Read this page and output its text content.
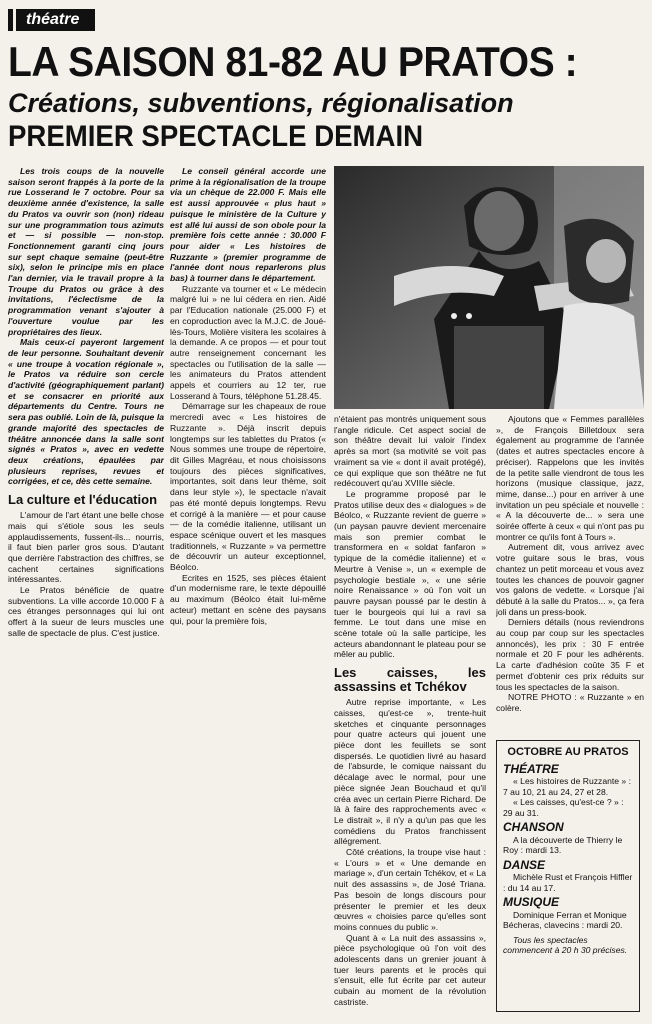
théatre
LA SAISON 81-82 AU PRATOS :
Créations, subventions, régionalisation
PREMIER SPECTACLE DEMAIN

Les trois coups de la nouvelle saison seront frappés à la porte de la rue Losserand le 7 octobre. Pour sa deuxième année d'existence, la salle du Pratos va ouvrir son (non) rideau sur une programmation tous azimuts et — si possible — non-stop. Fonctionnement garanti cinq jours sur sept chaque semaine (peut-être six), selon le principe mis en place l'an dernier, via le travail propre à la Troupe du Pratos ou grâce à des invitations, l'éclectisme de la programmation venant s'ajouter à l'ouverture voulue par les propriétaires des lieux.

Mais ceux-ci payeront largement de leur personne. Souhaitant devenir « une troupe à vocation régionale », le Pratos va réduire son cercle d'activité (géographiquement parlant) et se consacrer en priorité aux départements du Centre. Tours ne sera pas oublié. Loin de là, puisque la grande majorité des spectacles de théâtre annoncée dans la salle sont signés « Pratos », avec en vedette deux créations, épaulées par plusieurs reprises, revues et corrigées, et ce, dès cette semaine.

La culture et l'éducation

L'amour de l'art étant une belle chose mais qui s'étiole sous les seuls applaudissements, fussent-ils... nourris, il faut bien parler gros sous. D'autant que derrière l'abstraction des chiffres, se cachent certaines significations intéressantes.

Le Pratos bénéficie de quatre subventions. La ville accorde 10.000 F à ces étranges personnages qui lui ont offert à la sueur de leurs muscles une salle de spectacle de plus. C'est justice.

Le conseil général accorde une prime à la régionalisation de la troupe via un chèque de 22.000 F. Mais elle est aussi approuvée « plus haut » puisque le ministère de la Culture y est allé lui aussi de son obole pour la première fois cette année : 30.000 F pour aider « Les histoires de Ruzzante » (premier programme de l'année dont nous reparlerons plus bas) à tourner dans le département.

Ruzzante va tourner et « Le médecin malgré lui » ne lui cédera en rien. Aidé par l'Education nationale (25.000 F) et en coproduction avec la M.J.C. de Joué-lès-Tours, Molière visitera les scolaires à la demande. A ce propos — et pour tout autre renseignement concernant les spectacles ou l'utilisation de la salle — les animateurs du Pratos attendent appels et courriers au 12 ter, rue Losserand à Tours, téléphone 51.28.45.

Démarrage sur les chapeaux de roue mercredi avec « Les histoires de Ruzzante ». Déjà inscrit depuis longtemps sur les tablettes du Pratos (« Nous sommes une troupe de répertoire, dit Gilles Magréau, et nous choisissons toujours des pièces significatives, importantes, soit dans leur thème, soit dans leur style »), le spectacle n'avait pas été monté depuis longtemps. Revu et corrigé à la manière — et pour cause — de la comédie italienne, utilisant un espace scénique ouvert et les masques traditionnels, « Ruzzante » va permettre de découvrir un auteur exceptionnel, Béolco.

Ecrites en 1525, ses pièces étaient d'un modernisme rare, le texte dépouillé au maximum (Béolco était lui-même acteur) mettant en scène des paysans qui, pour la première fois,

n'étaient pas montrés uniquement sous l'angle ridicule. Cet aspect social de son théâtre devait lui valoir l'index après sa mort (sa motivité se voit pas vraiment sa vie « dont il avait protégé), ce qui explique que son théâtre ne fut redécouvert qu'au XVIIIe siècle.

Le programme proposé par le Pratos utilise deux des « dialogues » de Béolco, « Ruzzante revient de guerre » (un paysan pauvre devient mercenaire mais son premier combat le transformera en « soldat fanfaron » typique de la comédie italienne) et « Meurtre à Venise », un « exemple de psychologie bestiale », « une série noire Renaissance » où l'on voit un pauvre paysan poussé par le destin à tuer le bourgeois qui lui a ravi sa femme. Le tout dans une mise en scène totale où la salle participe, les acteurs abandonnant le plateau pour se mêler au public.

Les caisses, les assassins et Tchékov

Autre reprise importante, « Les caisses, qu'est-ce », trente-huit sketches et cinquante personnages pour quatre acteurs qui jouent une pièce dont les feuillets se sont dispersés. Le quotidien livré au hasard de l'absurde, le comique naissant du décalage avec le normal, pour une pièce signée Jean Bouchaud et qu'il créa avec un certain Pierre Richard. De là à faire des rapprochements avec « Le distrait », il n'y a qu'un pas que les comédiens du Pratos franchissent allégrement.

Côté créations, la troupe vise haut : « L'ours » et « Une demande en mariage », d'un certain Tchékov, et « La nuit des assassins », de José Triana. Pas besoin de longs discours pour présenter le premier et les deux œuvres « choisies parce qu'elles sont moins connues du public ».

Quant à « La nuit des assassins », pièce psychologique où l'on voit des adolescents dans un grenier jouant à tuer leurs parents et le procès qui s'ensuit, elle fut écrite par cet auteur cubain au moment de la révolution castriste.

Ajoutons que « Femmes parallèles », de François Billetdoux sera également au programme de l'année (dates et autres spectacles encore à préciser). Rappelons que les invités de la petite salle viendront de tous les horizons (musique classique, jazz, mime, danse...) pour en arriver à une invitation un peu spéciale et nouvelle : « A la découverte de... » sera une soirée offerte à ceux « qui n'ont pas pu montrer ce qu'ils font à Tours ».

Autrement dit, vous arrivez avec votre guitare sous le bras, vous chantez un petit morceau et vous avez toutes les chances de pouvoir gagner vos galons de vedette. « Lorsque j'ai débuté à la salle du Pratos... », ça fera joli dans un press-book.

Derniers détails (nous reviendrons au coup par coup sur les spectacles annoncés), les prix : 30 F entrée normale et 20 F pour les adhérents. La carte d'adhésion coûte 35 F et permet d'obtenir ces prix réduits sur tous les spectacles de la saison.

NOTRE PHOTO : « Ruzzante » en colère.

OCTOBRE AU PRATOS
THÉATRE

« Les histoires de Ruzzante » : 7 au 10, 21 au 24, 27 et 28.

« Les caisses, qu'est-ce ? » : 29 au 31.

CHANSON

A la découverte de Thierry le Roy : mardi 13.

DANSE

Michèle Rust et François Hiffler : du 14 au 17.

MUSIQUE

Dominique Ferran et Monique Bécheras, clavecins : mardi 20.

Tous les spectacles commencent à 20 h 30 précises.
